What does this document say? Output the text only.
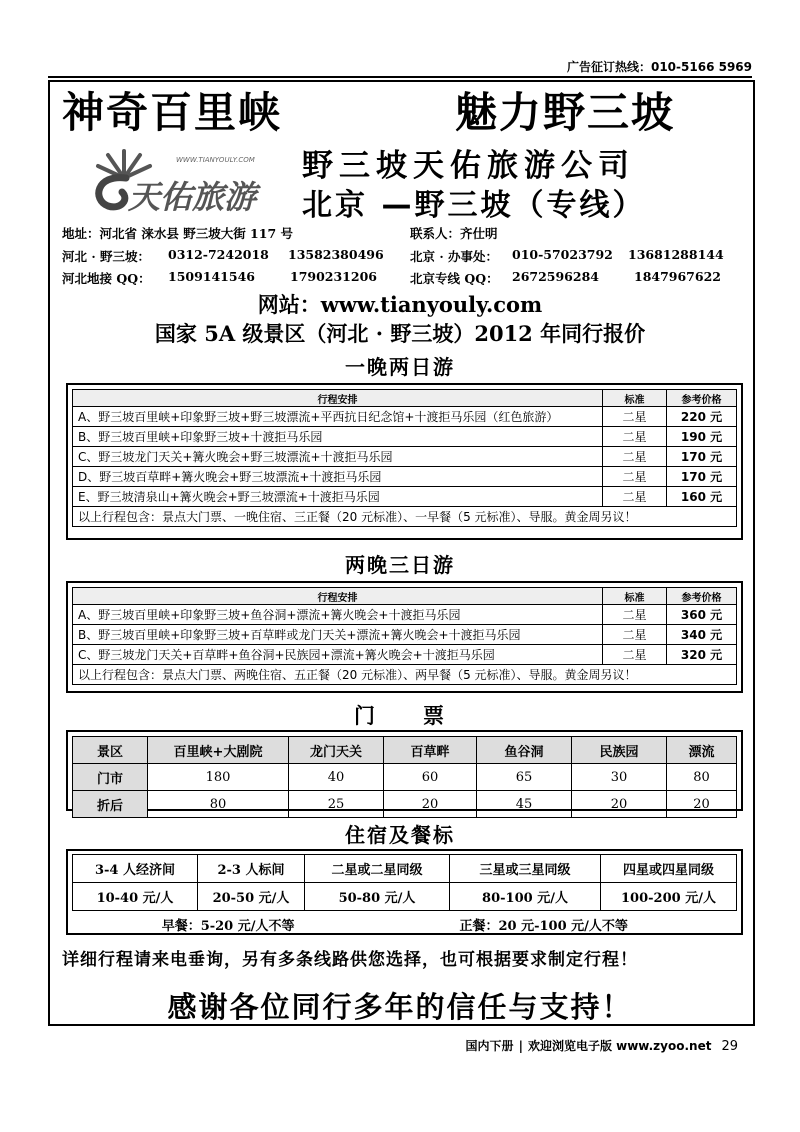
广告征订热线：010-5166 5969
神奇百里峡	魅力野三坡
WWW.TIANYOULY.COM
天佑旅游
野三坡天佑旅游公司
北京 —野三坡（专线）
地址：河北省 涞水县 野三坡大街 117 号	联系人：齐仕明
河北 · 野三坡： 0312-7242018 13582380496 北京 · 办事处： 010-57023792 13681288144
河北地接 QQ： 1509141546	1790231206	北京专线 QQ： 2672596284	1847967622
网站：www.tianyouly.com
国家 5A 级景区（河北 · 野三坡）2012 年同行报价
一晚两日游
行程安排	标准	参考价格
A、野三坡百里峡+印象野三坡+野三坡漂流+平西抗日纪念馆+十渡拒马乐园（红色旅游）	二星	220 元
B、野三坡百里峡+印象野三坡+十渡拒马乐园	二星	190 元
C、野三坡龙门天关+篝火晚会+野三坡漂流+十渡拒马乐园	二星	170 元
D、野三坡百草畔+篝火晚会+野三坡漂流+十渡拒马乐园	二星	170 元
E、野三坡清泉山+篝火晚会+野三坡漂流+十渡拒马乐园	二星	160 元
以上行程包含：景点大门票、一晚住宿、三正餐（20 元标准）、一早餐（5 元标准）、导服。黄金周另议！		
两晚三日游
行程安排	标准	参考价格
A、野三坡百里峡+印象野三坡+鱼谷洞+漂流+篝火晚会+十渡拒马乐园	二星	360 元
B、野三坡百里峡+印象野三坡+百草畔或龙门天关+漂流+篝火晚会+十渡拒马乐园	二星	340 元
C、野三坡龙门天关+百草畔+鱼谷洞+民族园+漂流+篝火晚会+十渡拒马乐园	二星	320 元
以上行程包含：景点大门票、两晚住宿、五正餐（20 元标准）、两早餐（5 元标准）、导服。黄金周另议！		
门　　票
景区	百里峡+大剧院	龙门天关	百草畔	鱼谷洞	民族园	漂流
门市	180	40	60	65	30	80
折后	80	25	20	45	20	20
住宿及餐标
3-4 人经济间	2-3 人标间	二星或二星同级	三星或三星同级	四星或四星同级
10-40 元/人	20-50 元/人	50-80 元/人	80-100 元/人	100-200 元/人
早餐：5-20 元/人不等			正餐：20 元-100 元/人不等	
详细行程请来电垂询，另有多条线路供您选择，也可根据要求制定行程！
感谢各位同行多年的信任与支持！
国内下册 | 欢迎浏览电子版 www.zyoo.net 29
